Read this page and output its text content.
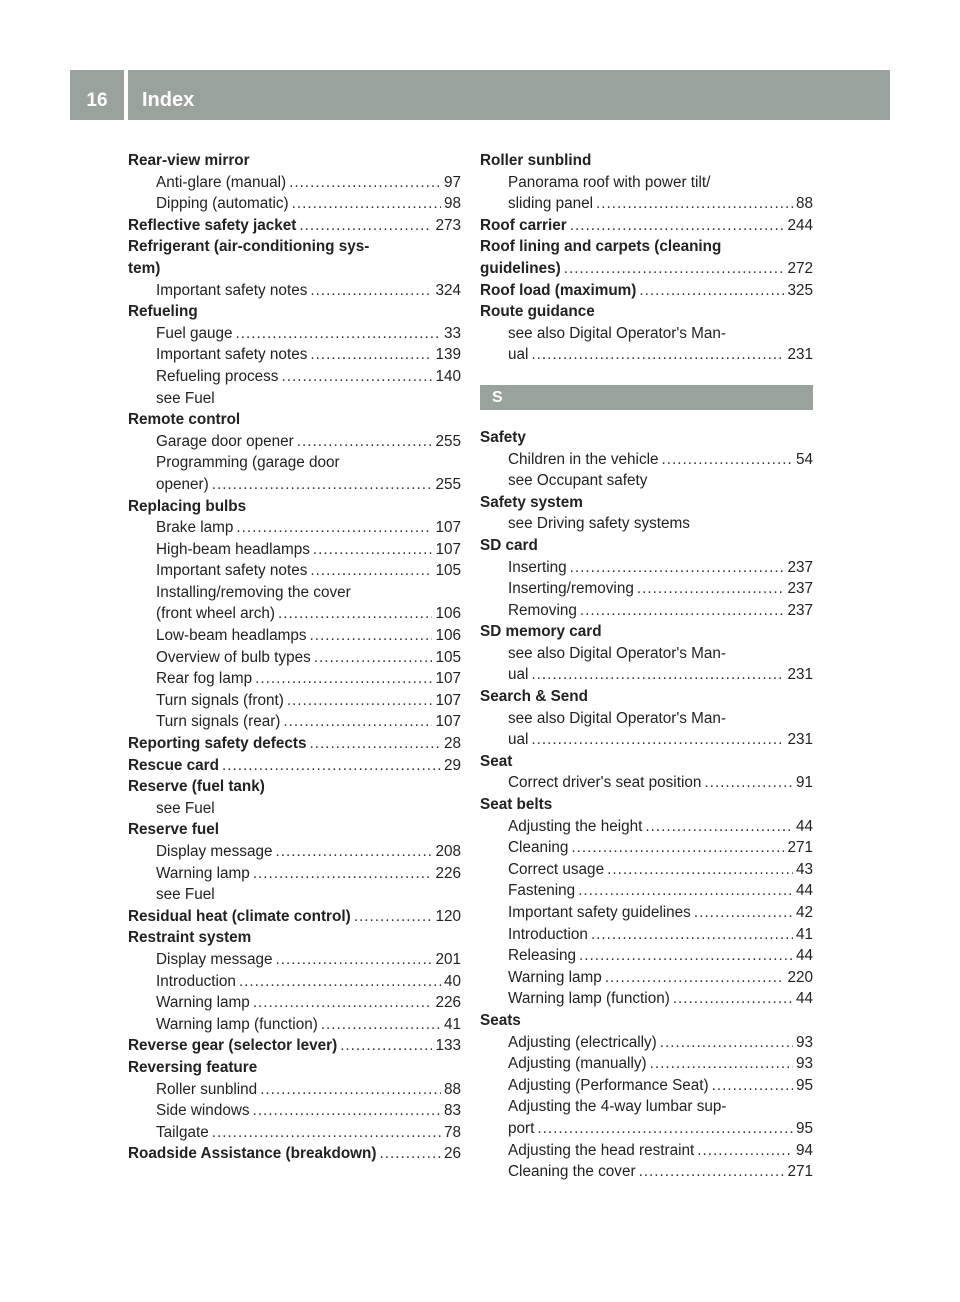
16	Index
Rear-view mirror
Anti-glare (manual) .....	97
Dipping (automatic) .....	98
Reflective safety jacket .....	273
Refrigerant (air-conditioning sys-
tem)
Important safety notes .....	324
Refueling
Fuel gauge .....	33
Important safety notes .....	139
Refueling process .....	140
see Fuel
Remote control
Garage door opener .....	255
Programming (garage door
opener) .....	255
Replacing bulbs
Brake lamp .....	107
High-beam headlamps .....	107
Important safety notes .....	105
Installing/removing the cover
(front wheel arch) .....	106
Low-beam headlamps .....	106
Overview of bulb types .....	105
Rear fog lamp .....	107
Turn signals (front) .....	107
Turn signals (rear) .....	107
Reporting safety defects .....	28
Rescue card .....	29
Reserve (fuel tank)
see Fuel
Reserve fuel
Display message .....	208
Warning lamp .....	226
see Fuel
Residual heat (climate control) .....	120
Restraint system
Display message .....	201
Introduction .....	40
Warning lamp .....	226
Warning lamp (function) .....	41
Reverse gear (selector lever) .....	133
Reversing feature
Roller sunblind .....	88
Side windows .....	83
Tailgate .....	78
Roadside Assistance (breakdown) .....	26
Roller sunblind
Panorama roof with power tilt/
sliding panel .....	88
Roof carrier .....	244
Roof lining and carpets (cleaning
guidelines) .....	272
Roof load (maximum) .....	325
Route guidance
see also Digital Operator's Man-
ual .....	231
S
Safety
Children in the vehicle .....	54
see Occupant safety
Safety system
see Driving safety systems
SD card
Inserting .....	237
Inserting/removing .....	237
Removing .....	237
SD memory card
see also Digital Operator's Man-
ual .....	231
Search & Send
see also Digital Operator's Man-
ual .....	231
Seat
Correct driver's seat position .....	91
Seat belts
Adjusting the height .....	44
Cleaning .....	271
Correct usage .....	43
Fastening .....	44
Important safety guidelines .....	42
Introduction .....	41
Releasing .....	44
Warning lamp .....	220
Warning lamp (function) .....	44
Seats
Adjusting (electrically) .....	93
Adjusting (manually) .....	93
Adjusting (Performance Seat) .....	95
Adjusting the 4-way lumbar sup-
port .....	95
Adjusting the head restraint .....	94
Cleaning the cover .....	271
